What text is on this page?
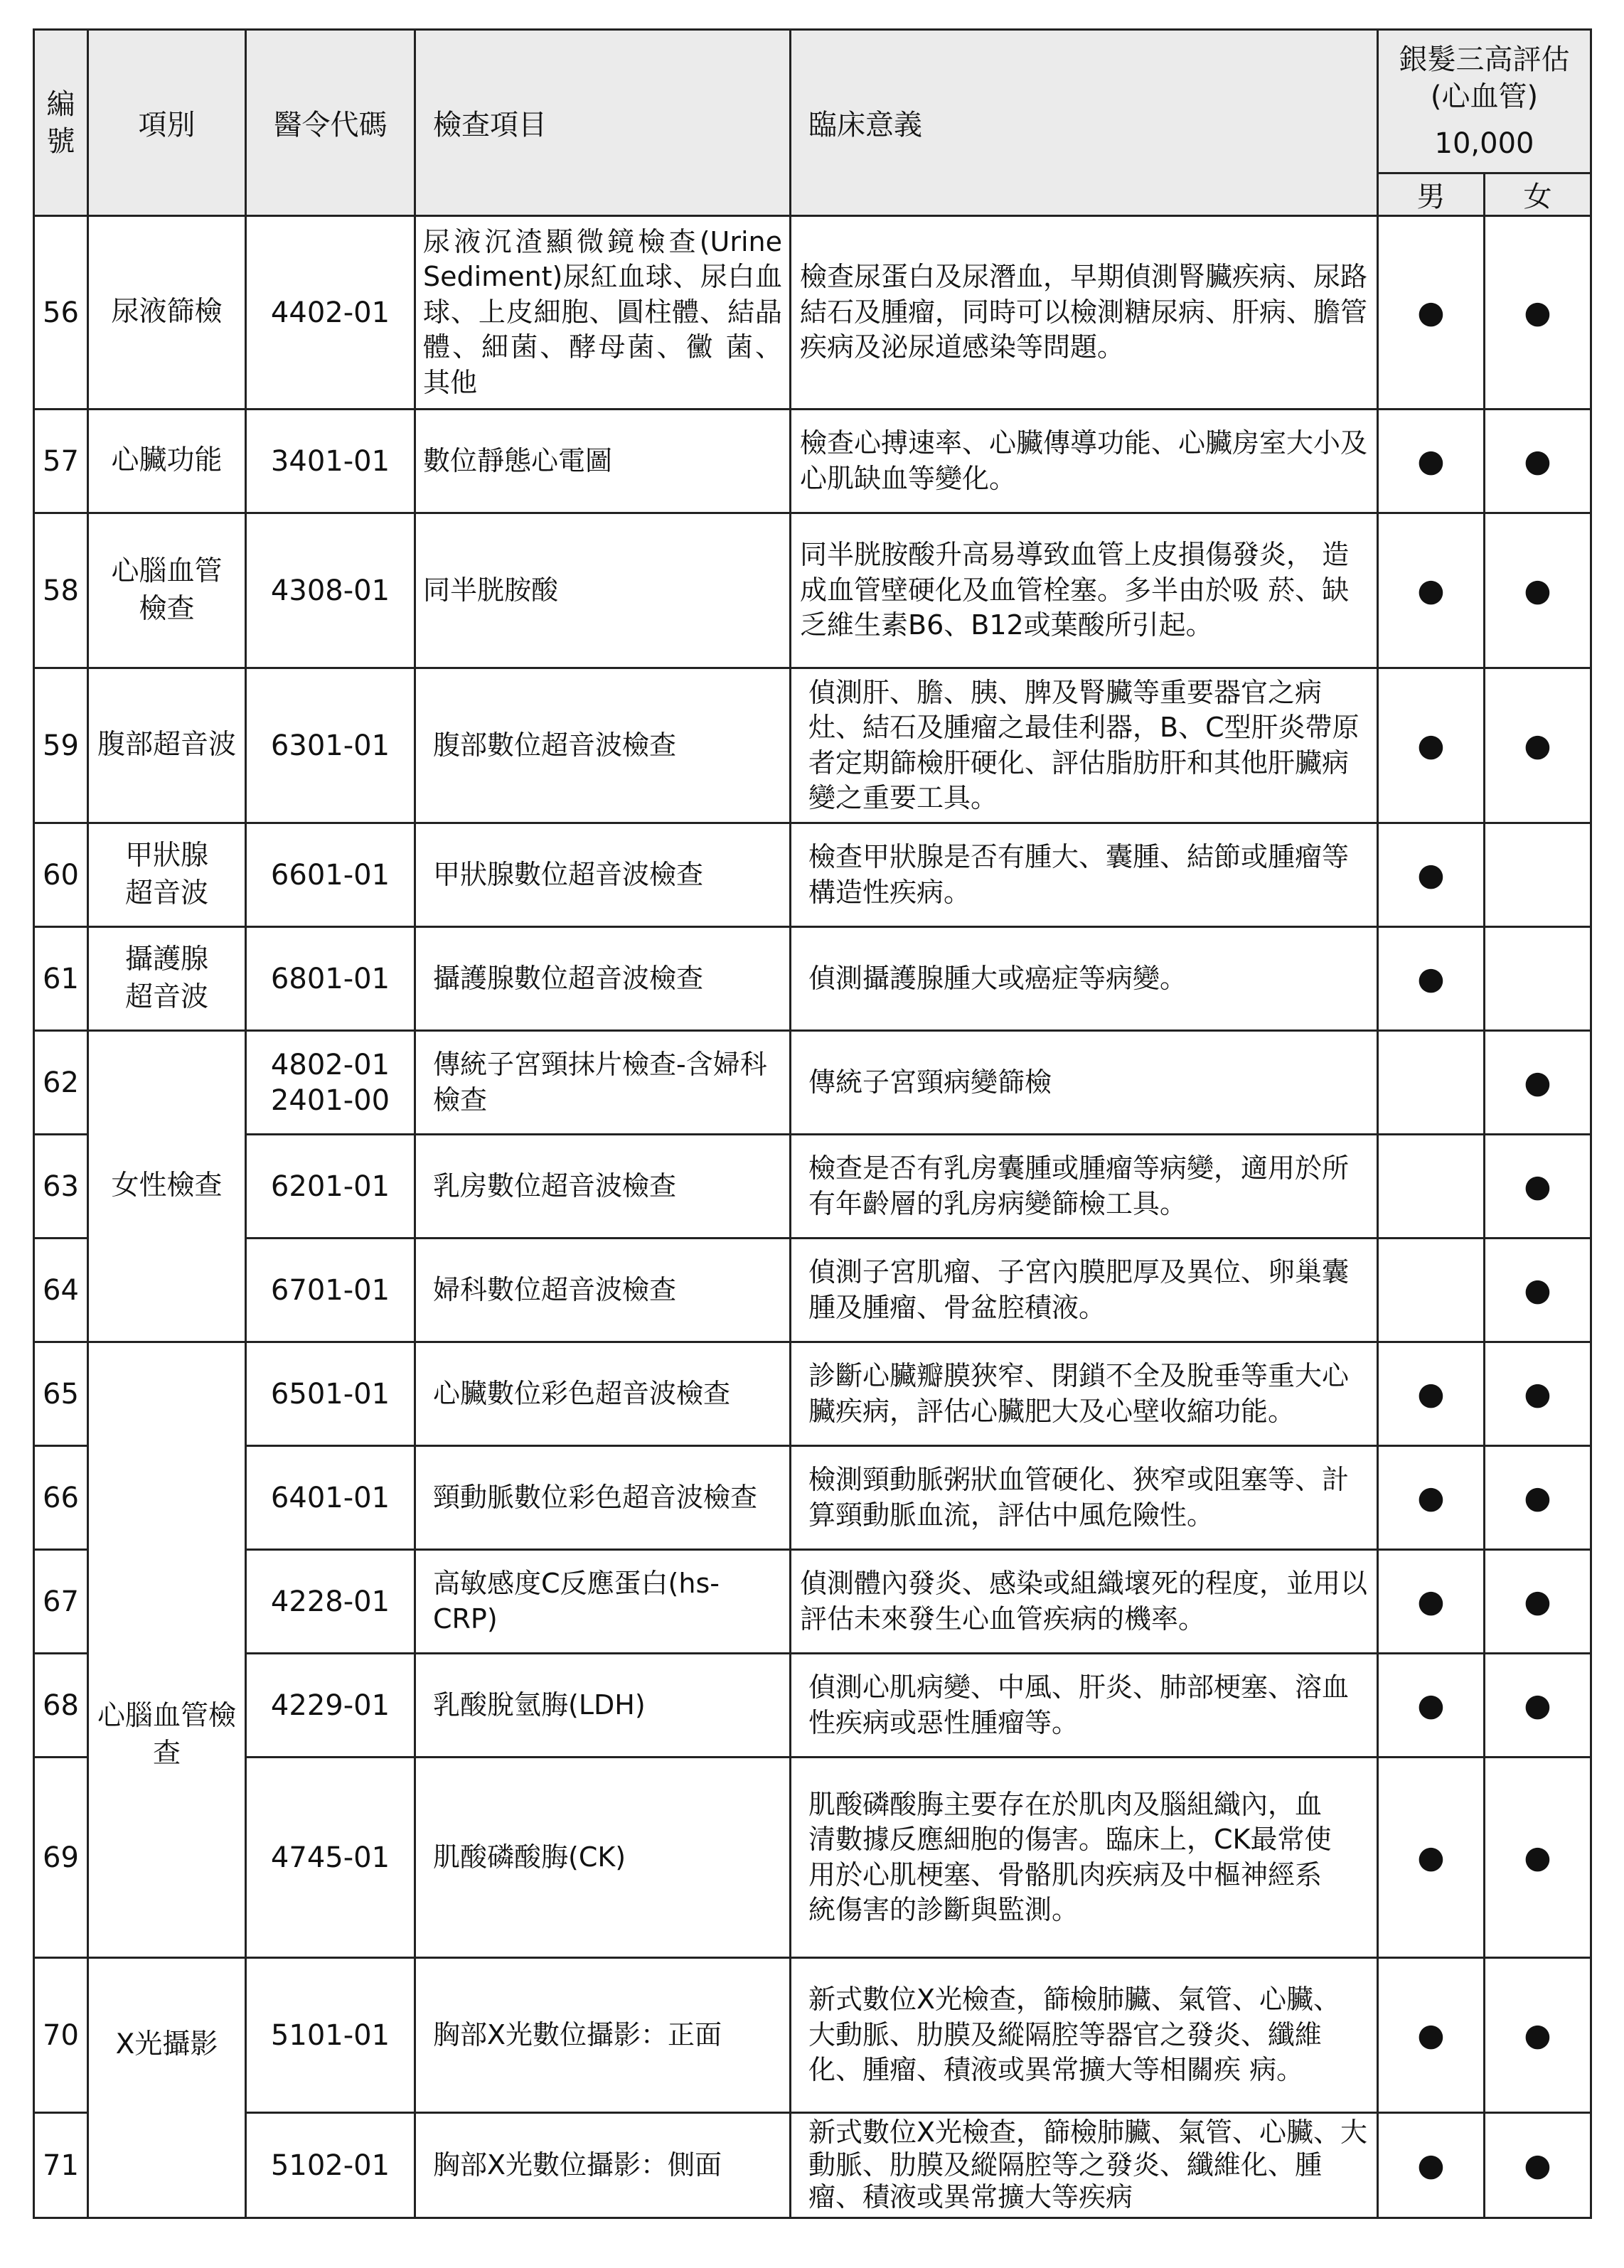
編
號	項別	醫令代碼	檢查項目	臨床意義	銀髮三高評估
(心血管)
10,000	

					男	女
56	尿液篩檢	4402-01	尿液沉渣顯微鏡檢查(Urine Sediment)尿紅血球、尿白血球、上皮細胞、圓柱體、結晶體、細菌、酵母菌、黴 菌、其他	檢查尿蛋白及尿潛血，早期偵測腎臟疾病、尿路結石及腫瘤，同時可以檢測糖尿病、肝病、膽管疾病及泌尿道感染等問題。	●	●
57	心臟功能	3401-01	數位靜態心電圖	檢查心搏速率、心臟傳導功能、心臟房室大小及心肌缺血等變化。	●	●
58	心腦血管檢查	4308-01	同半胱胺酸	同半胱胺酸升高易導致血管上皮損傷發炎， 造成血管壁硬化及血管栓塞。多半由於吸 菸、缺乏維生素B6、B12或葉酸所引起。	●	●
59	腹部超音波	6301-01	腹部數位超音波檢查	偵測肝、膽、胰、脾及腎臟等重要器官之病灶、結石及腫瘤之最佳利器，B、C型肝炎帶原者定期篩檢肝硬化、評估脂肪肝和其他肝臟病變之重要工具。	●	●
60	甲狀腺超音波	6601-01	甲狀腺數位超音波檢查	檢查甲狀腺是否有腫大、囊腫、結節或腫瘤等構造性疾病。	●	
61	攝護腺超音波	6801-01	攝護腺數位超音波檢查	偵測攝護腺腫大或癌症等病變。	●	
62	女性檢查	4802-01
2401-00	傳統子宮頸抹片檢查-含婦科檢查	傳統子宮頸病變篩檢		●
63		6201-01	乳房數位超音波檢查	檢查是否有乳房囊腫或腫瘤等病變，適用於所有年齡層的乳房病變篩檢工具。		●
64		6701-01	婦科數位超音波檢查	偵測子宮肌瘤、子宮內膜肥厚及異位、卵巢囊腫及腫瘤、骨盆腔積液。		●
65	心腦血管檢查	6501-01	心臟數位彩色超音波檢查	診斷心臟瓣膜狹窄、閉鎖不全及脫垂等重大心臟疾病，評估心臟肥大及心壁收縮功能。	●	●
66		6401-01	頸動脈數位彩色超音波檢查	檢測頸動脈粥狀血管硬化、狹窄或阻塞等、計算頸動脈血流，評估中風危險性。	●	●
67		4228-01	高敏感度C反應蛋白(hs-CRP)	偵測體內發炎、感染或組織壞死的程度，並用以評估未來發生心血管疾病的機率。	●	●
68		4229-01	乳酸脫氫脢(LDH)	偵測心肌病變、中風、肝炎、肺部梗塞、溶血性疾病或惡性腫瘤等。	●	●
69		4745-01	肌酸磷酸脢(CK)	肌酸磷酸脢主要存在於肌肉及腦組織內，血清數據反應細胞的傷害。臨床上，CK最常使用於心肌梗塞、骨骼肌肉疾病及中樞神經系統傷害的診斷與監測。	●	●
70	X光攝影	5101-01	胸部X光數位攝影：正面	新式數位X光檢查，篩檢肺臟、氣管、心臟、大動脈、肋膜及縱隔腔等器官之發炎、纖維化、腫瘤、積液或異常擴大等相關疾 病。	●	●
71		5102-01	胸部X光數位攝影：側面	新式數位X光檢查，篩檢肺臟、氣管、心臟、大動脈、肋膜及縱隔腔等之發炎、纖維化、腫瘤、積液或異常擴大等疾病	●	●
